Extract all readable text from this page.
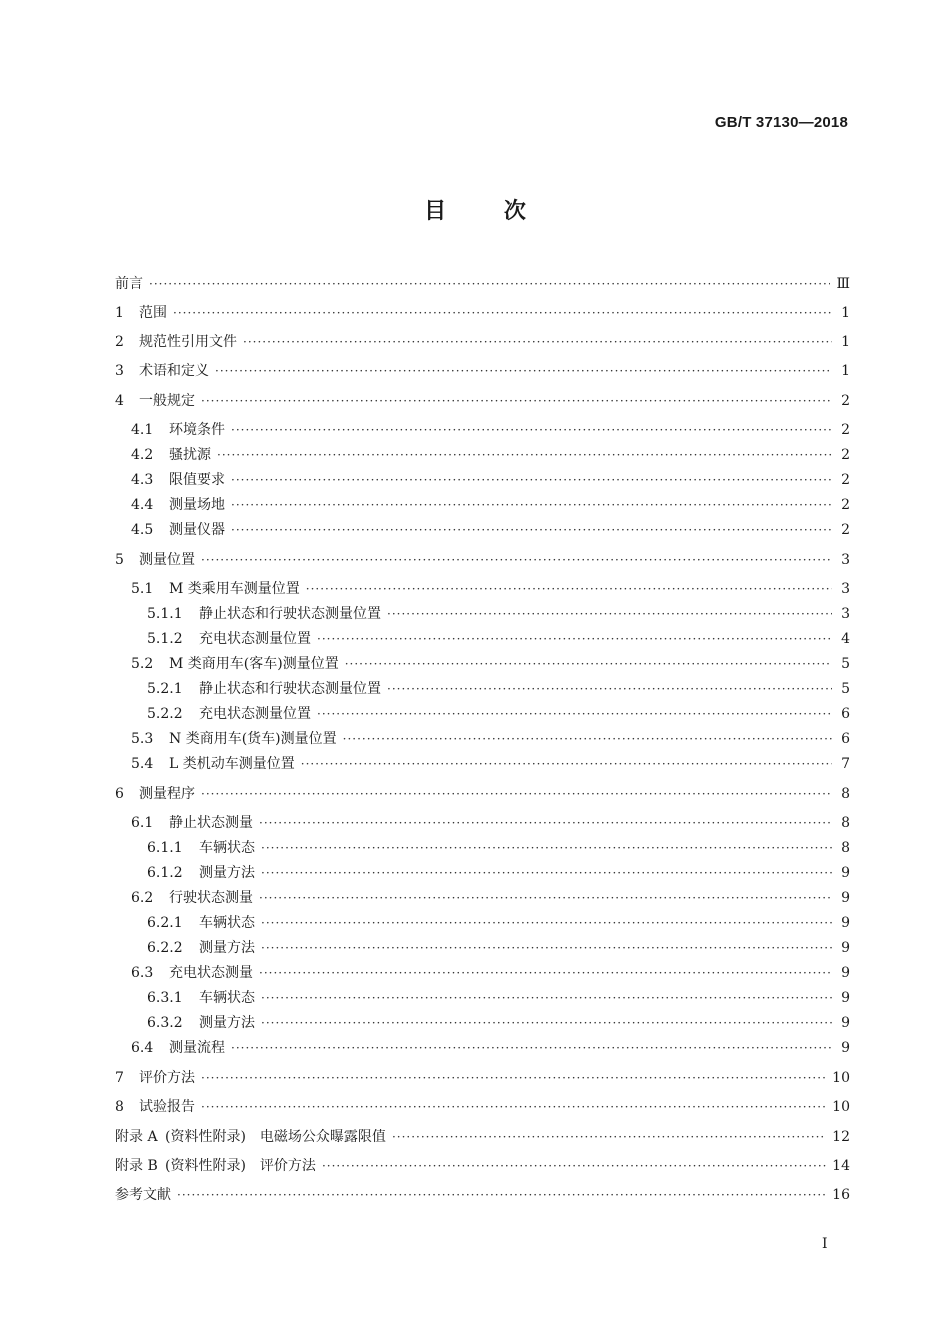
GB/T 37130—2018
目	次
前言 ·····	Ⅲ
1	范围 ·····	1
2	规范性引用文件 ·····	1
3	术语和定义 ·····	1
4	一般规定 ·····	2
4.1	环境条件 ·····	2
4.2	骚扰源 ·····	2
4.3	限值要求 ·····	2
4.4	测量场地 ·····	2
4.5	测量仪器 ·····	2
5	测量位置 ·····	3
5.1	M 类乘用车测量位置 ·····	3
5.1.1	静止状态和行驶状态测量位置 ·····	3
5.1.2	充电状态测量位置 ·····	4
5.2	M 类商用车(客车)测量位置 ·····	5
5.2.1	静止状态和行驶状态测量位置 ·····	5
5.2.2	充电状态测量位置 ·····	6
5.3	N 类商用车(货车)测量位置 ·····	6
5.4	L 类机动车测量位置 ·····	7
6	测量程序 ·····	8
6.1	静止状态测量 ·····	8
6.1.1	车辆状态 ·····	8
6.1.2	测量方法 ·····	9
6.2	行驶状态测量 ·····	9
6.2.1	车辆状态 ·····	9
6.2.2	测量方法 ·····	9
6.3	充电状态测量 ·····	9
6.3.1	车辆状态 ·····	9
6.3.2	测量方法 ·····	9
6.4	测量流程 ·····	9
7	评价方法 ·····	10
8	试验报告 ·····	10
附录 A (资料性附录)　电磁场公众曝露限值 ·····	12
附录 B (资料性附录)　评价方法 ·····	14
参考文献 ·····	16
I
